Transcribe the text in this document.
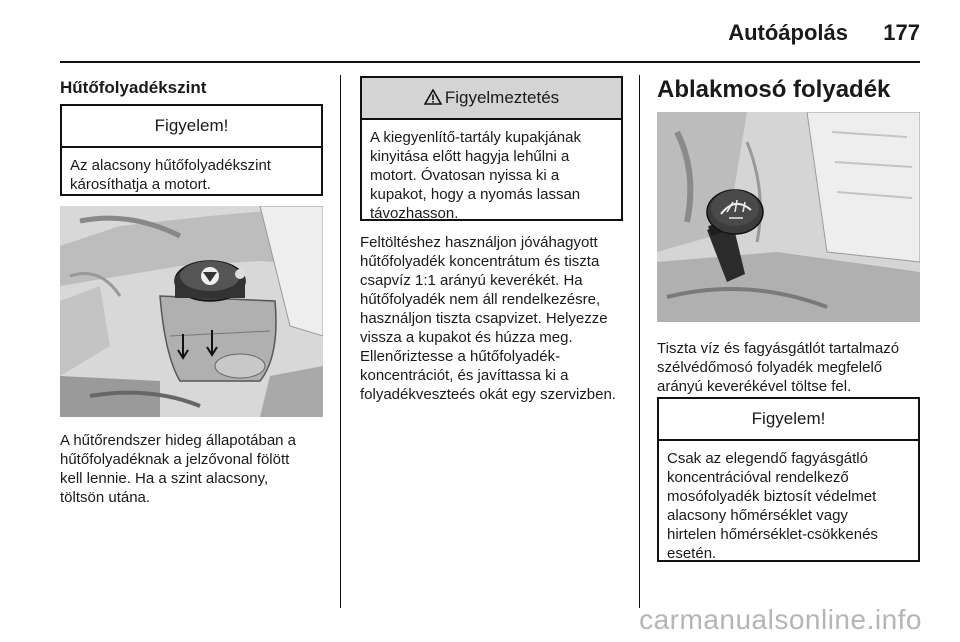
Autóápolás 177
Hűtőfolyadékszint
Figyelem!
Az alacsony hűtőfolyadékszint
károsíthatja a motort.
A hűtőrendszer hideg állapotában a
hűtőfolyadéknak a jelzővonal fölött
kell lennie. Ha a szint alacsony,
töltsön utána.
Figyelmeztetés
A kiegyenlítő-tartály kupakjának
kinyitása előtt hagyja lehűlni a
motort. Óvatosan nyissa ki a
kupakot, hogy a nyomás lassan
távozhasson.
Feltöltéshez használjon jóváhagyott
hűtőfolyadék koncentrátum és tiszta
csapvíz 1:1 arányú keverékét. Ha
hűtőfolyadék nem áll rendelkezésre,
használjon tiszta csapvizet. Helyezze
vissza a kupakot és húzza meg.
Ellenőriztesse a hűtőfolyadék-
koncentrációt, és javíttassa ki a
folyadékveszteés okát egy szervizben.
Ablakmosó folyadék
Tiszta víz és fagyásgátlót tartalmazó
szélvédőmosó folyadék megfelelő
arányú keverékével töltse fel.
Figyelem!
Csak az elegendő fagyásgátló
koncentrációval rendelkező
mosófolyadék biztosít védelmet
alacsony hőmérséklet vagy
hirtelen hőmérséklet-csökkenés
esetén.
carmanualsonline.info
